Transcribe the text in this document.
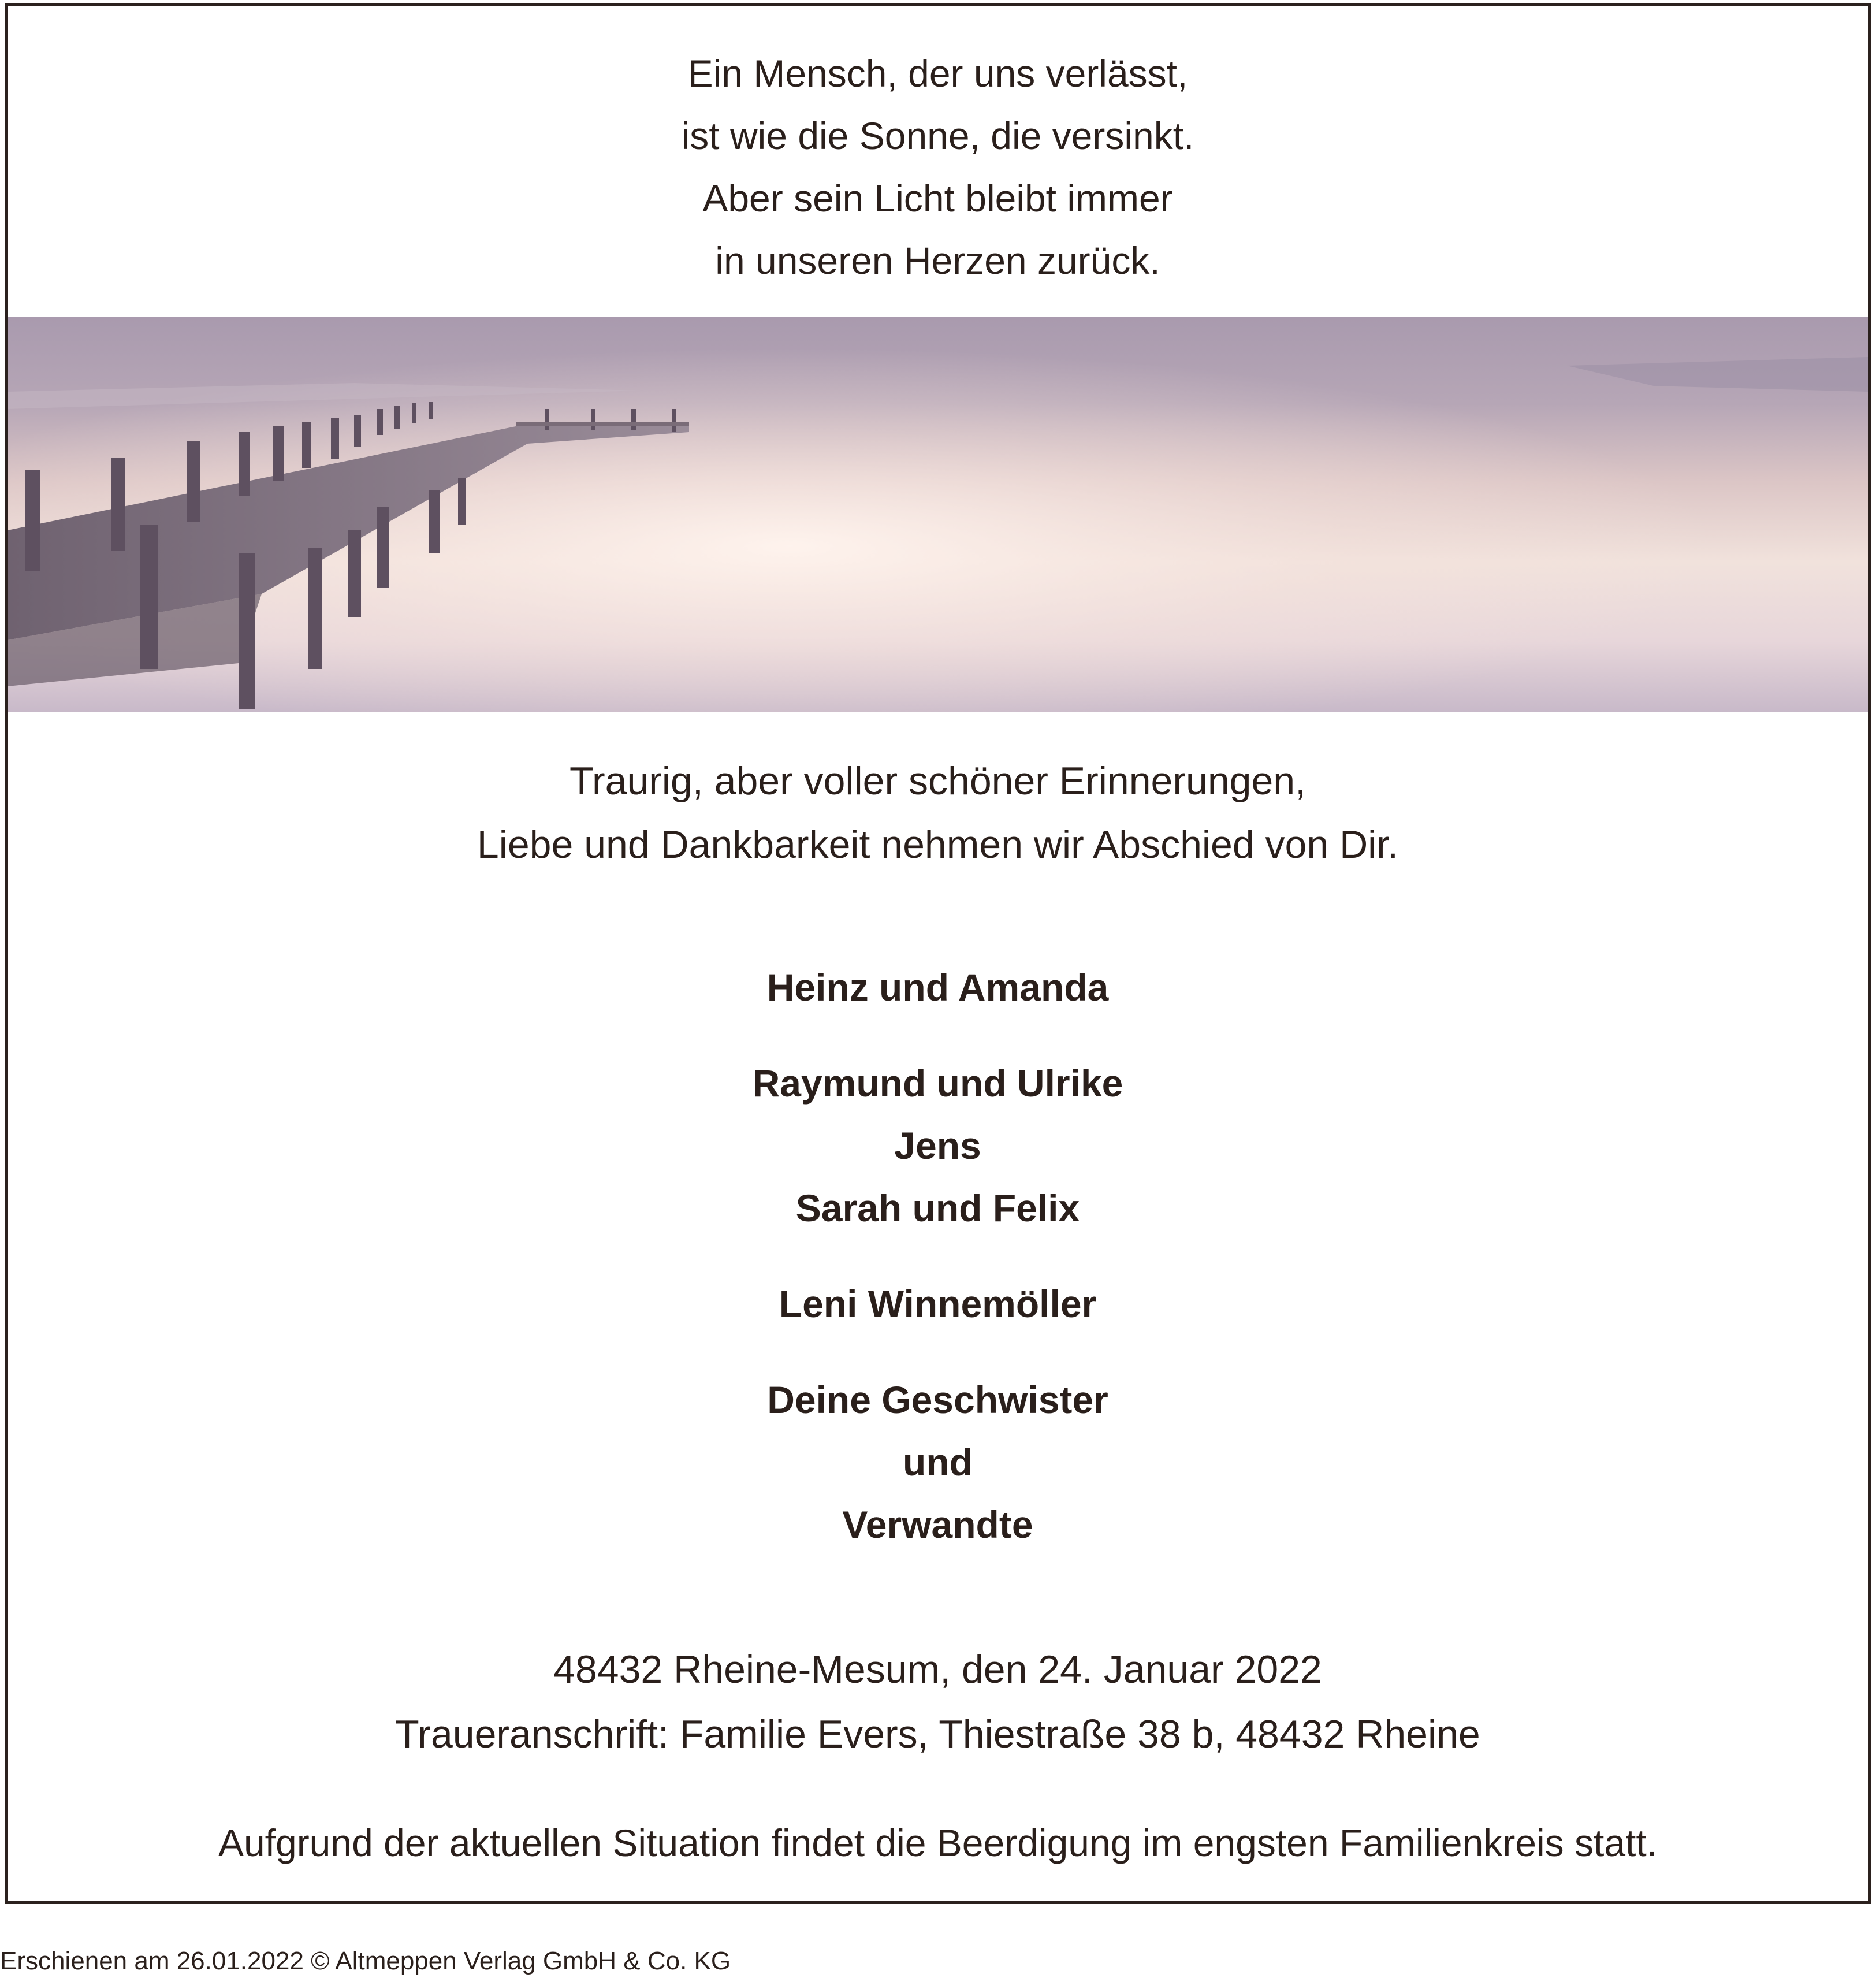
Ein Mensch, der uns verlässt,
ist wie die Sonne, die versinkt.
Aber sein Licht bleibt immer
in unseren Herzen zurück.
Traurig, aber voller schöner Erinnerungen,
Liebe und Dankbarkeit nehmen wir Abschied von Dir.
Heinz und Amanda
Raymund und Ulrike
Jens
Sarah und Felix
Leni Winnemöller
Deine Geschwister
und
Verwandte
48432 Rheine-Mesum, den 24. Januar 2022
Traueranschrift: Familie Evers, Thiestraße 38 b, 48432 Rheine
Aufgrund der aktuellen Situation findet die Beerdigung im engsten Familienkreis statt.
Erschienen am 26.01.2022 © Altmeppen Verlag GmbH & Co. KG
